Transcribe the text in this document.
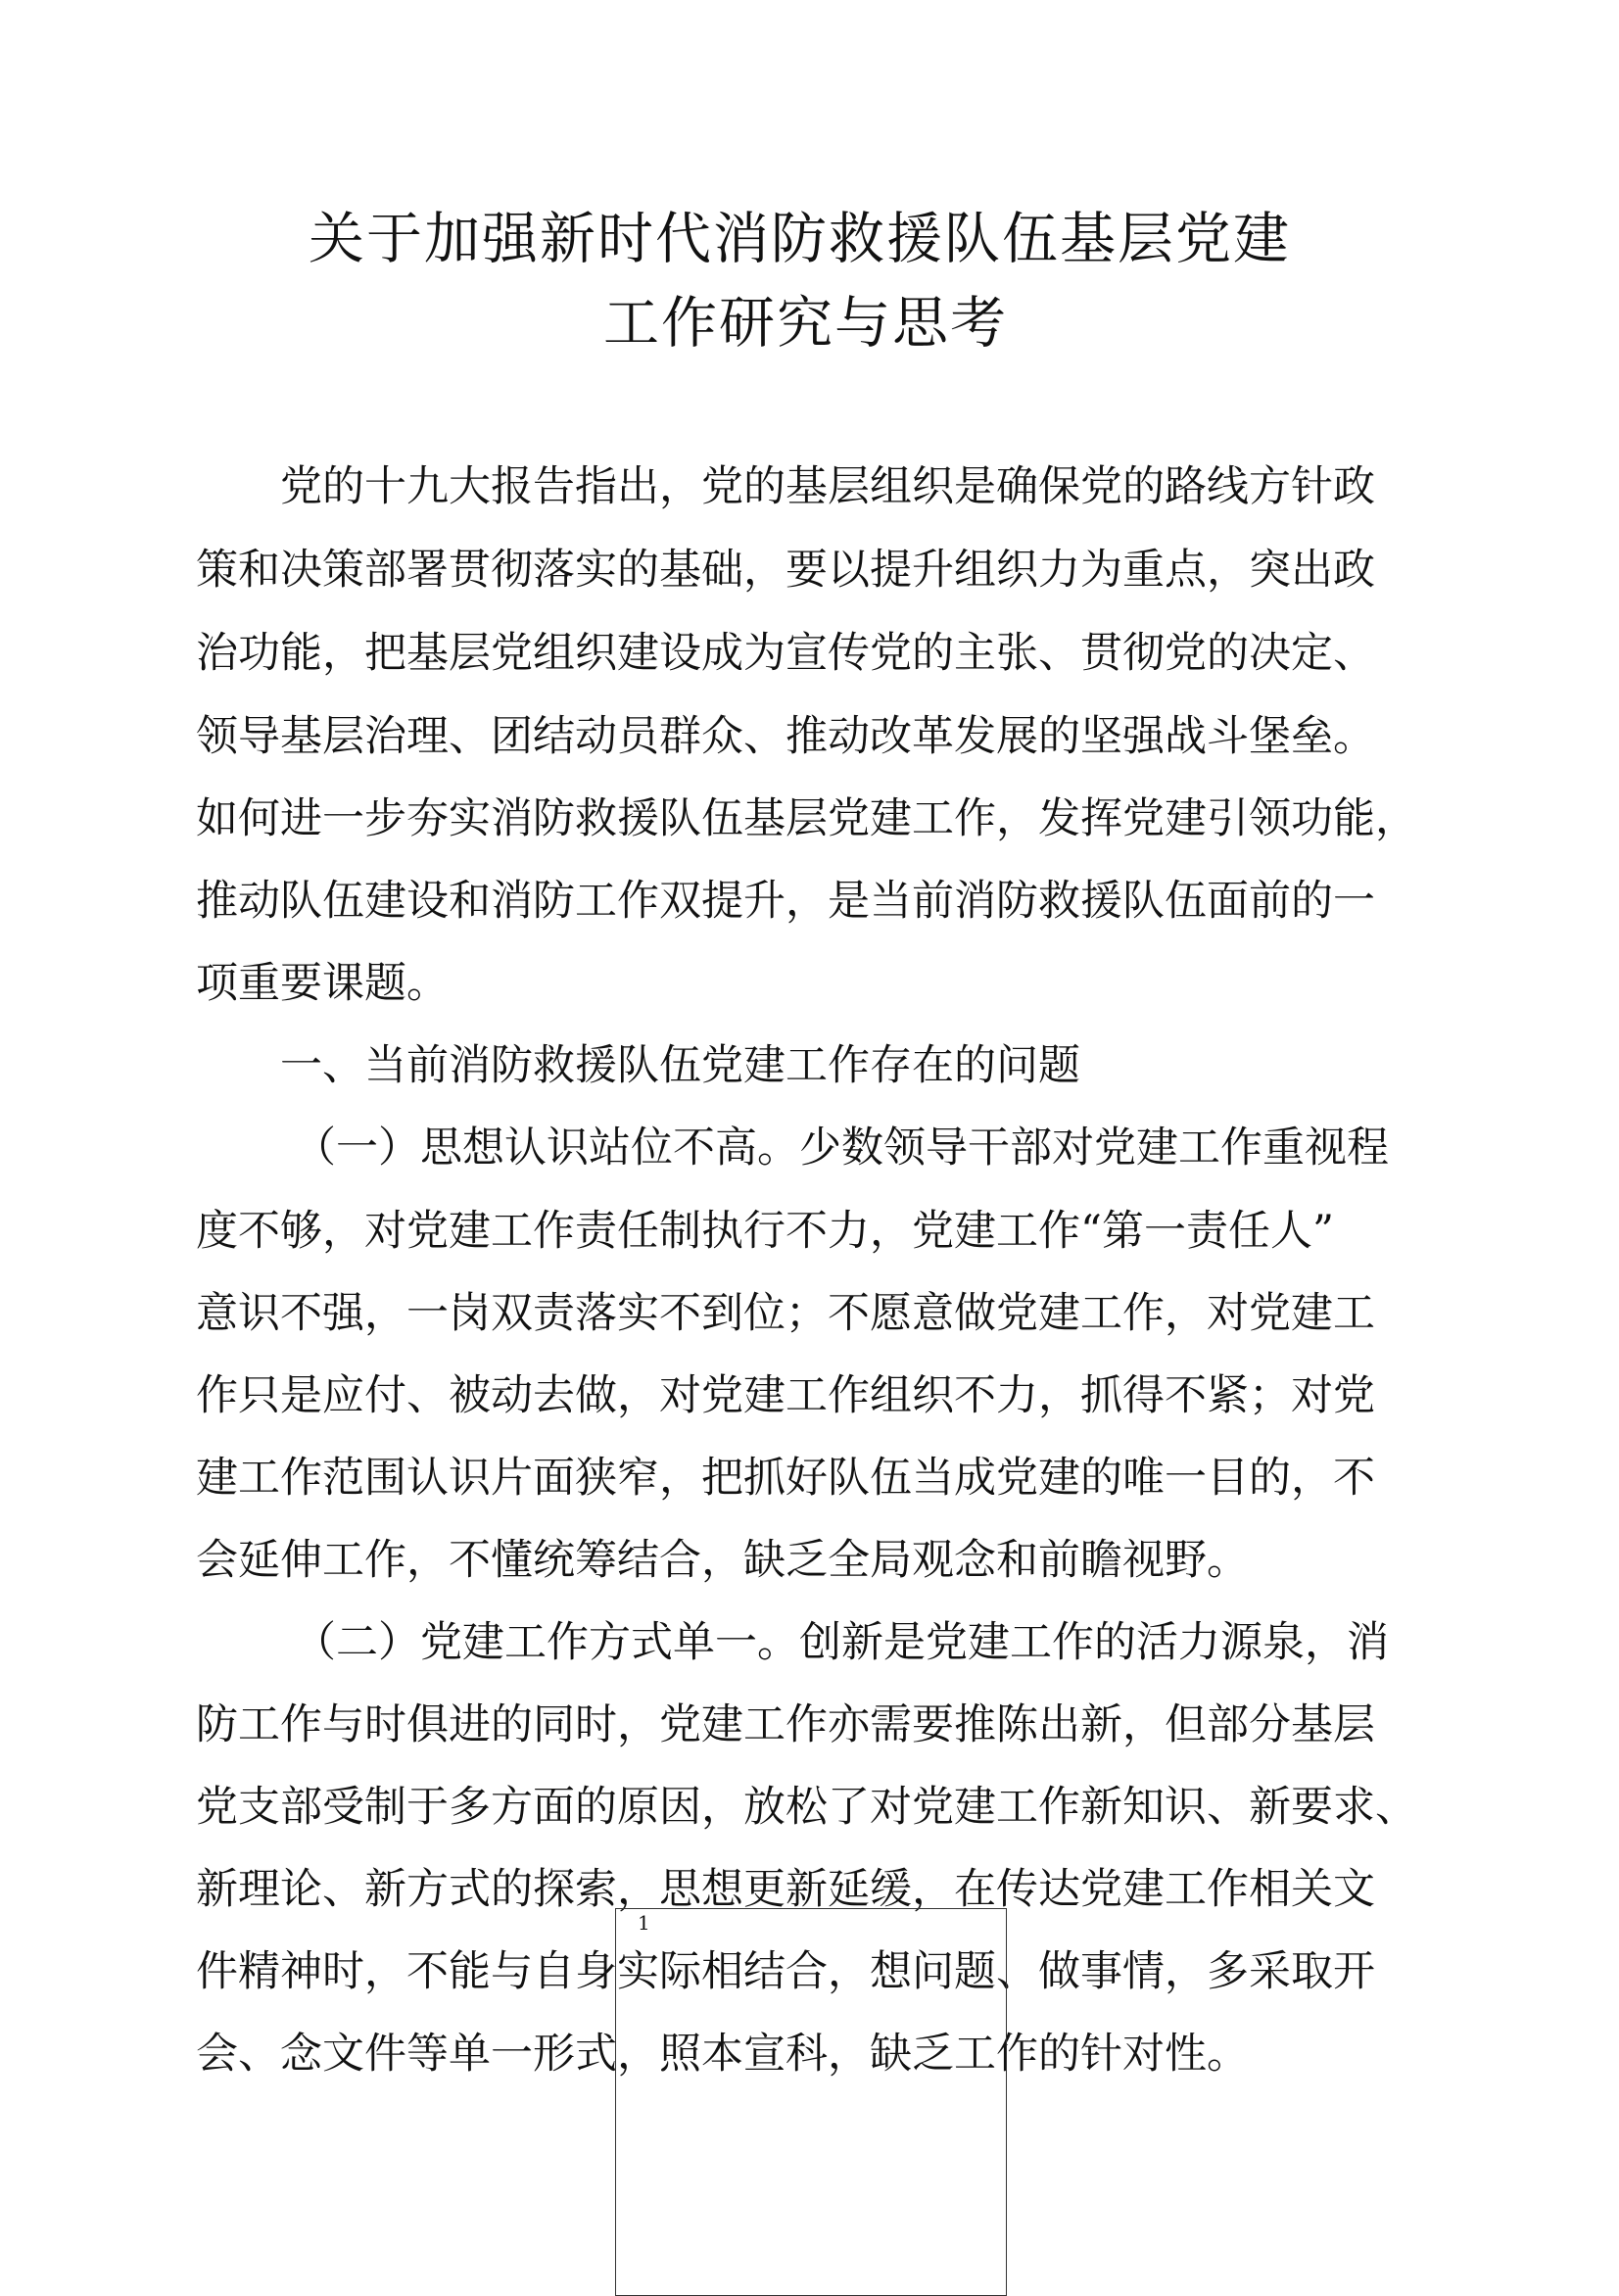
关于加强新时代消防救援队伍基层党建
工作研究与思考
党的十九大报告指出，党的基层组织是确保党的路线方针政
策和决策部署贯彻落实的基础，要以提升组织力为重点，突出政
治功能，把基层党组织建设成为宣传党的主张、贯彻党的决定、
领导基层治理、团结动员群众、推动改革发展的坚强战斗堡垒。
如何进一步夯实消防救援队伍基层党建工作，发挥党建引领功能，
推动队伍建设和消防工作双提升，是当前消防救援队伍面前的一
项重要课题。
一、当前消防救援队伍党建工作存在的问题
（一）思想认识站位不高。少数领导干部对党建工作重视程
度不够，对党建工作责任制执行不力，党建工作“第一责任人”
意识不强，一岗双责落实不到位；不愿意做党建工作，对党建工
作只是应付、被动去做，对党建工作组织不力，抓得不紧；对党
建工作范围认识片面狭窄，把抓好队伍当成党建的唯一目的，不
会延伸工作，不懂统筹结合，缺乏全局观念和前瞻视野。
（二）党建工作方式单一。创新是党建工作的活力源泉，消
防工作与时俱进的同时，党建工作亦需要推陈出新，但部分基层
党支部受制于多方面的原因，放松了对党建工作新知识、新要求、
新理论、新方式的探索，思想更新延缓，在传达党建工作相关文
件精神时，不能与自身实际相结合，想问题、做事情，多采取开
会、念文件等单一形式，照本宣科，缺乏工作的针对性。
1
